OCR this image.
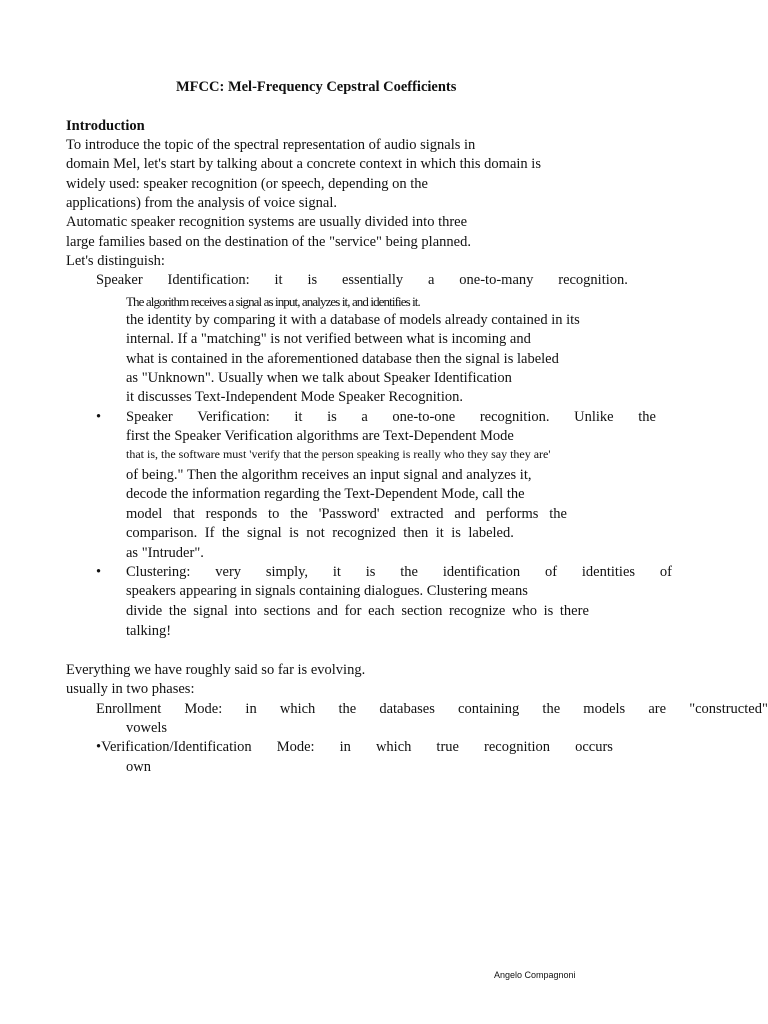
MFCC: Mel-Frequency Cepstral Coefficients
Introduction
To introduce the topic of the spectral representation of audio signals in
domain Mel, let's start by talking about a concrete context in which this domain is
widely used: speaker recognition (or speech, depending on the
applications) from the analysis of voice signal.
Automatic speaker recognition systems are usually divided into three
large families based on the destination of the "service" being planned.
Let's distinguish:
Speaker Identification: it is essentially a one-to-many recognition.
The algorithm receives a signal as input, analyzes it, and identifies it.
the identity by comparing it with a database of models already contained in its
internal. If a "matching" is not verified between what is incoming and
what is contained in the aforementioned database then the signal is labeled
as "Unknown". Usually when we talk about Speaker Identification
it discusses Text-Independent Mode Speaker Recognition.
• Speaker Verification: it is a one-to-one recognition. Unlike the
first the Speaker Verification algorithms are Text-Dependent Mode
that is, the software must 'verify that the person speaking is really who they say they are'
of being." Then the algorithm receives an input signal and analyzes it,
decode the information regarding the Text-Dependent Mode, call the
model that responds to the 'Password' extracted and performs the
comparison. If the signal is not recognized then it is labeled.
as "Intruder".
• Clustering: very simply, it is the identification of identities of
speakers appearing in signals containing dialogues. Clustering means
divide the signal into sections and for each section recognize who is there
talking!
Everything we have roughly said so far is evolving.
usually in two phases:
Enrollment Mode: in which the databases containing the models are "constructed"
vowels
•Verification/Identification Mode: in which true recognition occurs
own
Angelo Compagnoni
